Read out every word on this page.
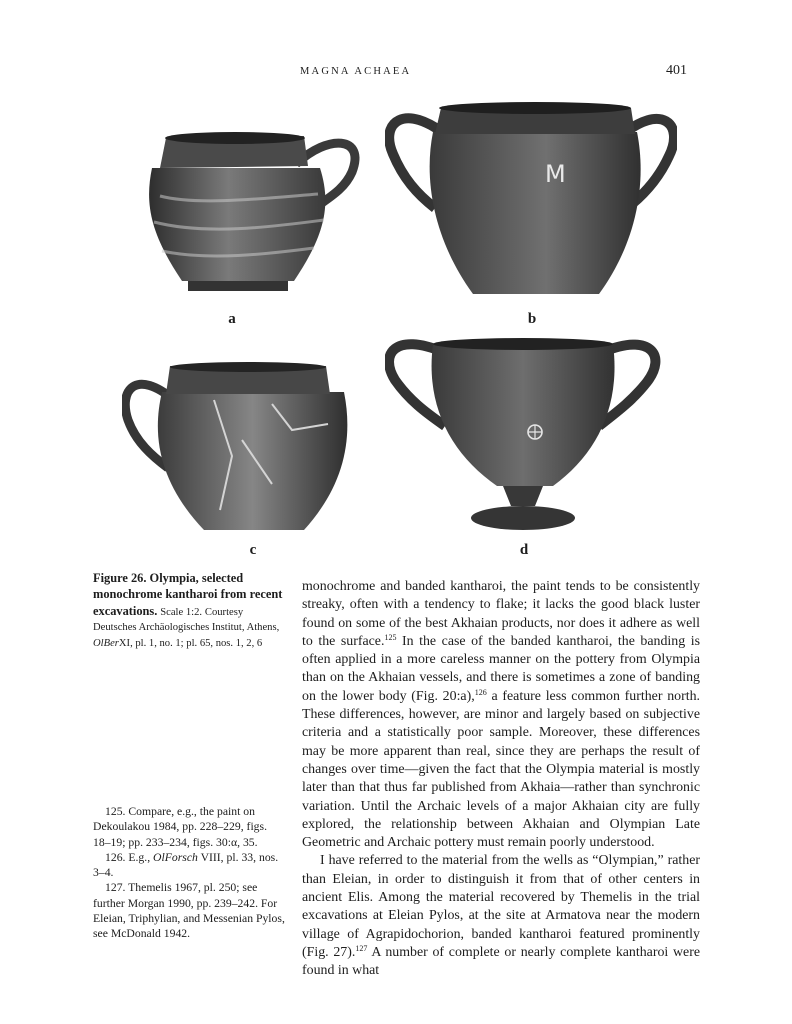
MAGNA ACHAEA	401
a
M
b
c	d
Figure 26. Olympia, selected monochrome kantharoi from recent excavations. Scale 1:2. Courtesy Deutsches Archäologisches Institut, Athens, OlBerXI, pl. 1, no. 1; pl. 65, nos. 1, 2, 6

125. Compare, e.g., the paint on Dekoulakou 1984, pp. 228–229, figs. 18–19; pp. 233–234, figs. 30:α, 35.

126. E.g., OlForsch VIII, pl. 33, nos. 3–4.

127. Themelis 1967, pl. 250; see further Morgan 1990, pp. 239–242. For Eleian, Triphylian, and Messenian Pylos, see McDonald 1942.

monochrome and banded kantharoi, the paint tends to be consistently streaky, often with a tendency to flake; it lacks the good black luster found on some of the best Akhaian products, nor does it adhere as well to the surface.$^{125}$ In the case of the banded kantharoi, the banding is often applied in a more careless manner on the pottery from Olympia than on the Akhaian vessels, and there is sometimes a zone of banding on the lower body (Fig. 20:a),$^{126}$ a feature less common further north. These differences, however, are minor and largely based on subjective criteria and a statistically poor sample. Moreover, these differences may be more apparent than real, since they are perhaps the result of changes over time—given the fact that the Olympia material is mostly later than that thus far published from Akhaia—rather than synchronic variation. Until the Archaic levels of a major Akhaian city are fully explored, the relationship between Akhaian and Olympian Late Geometric and Archaic pottery must remain poorly understood.

I have referred to the material from the wells as “Olympian,” rather than Eleian, in order to distinguish it from that of other centers in ancient Elis. Among the material recovered by Themelis in the trial excavations at Eleian Pylos, at the site at Armatova near the modern village of Agrapidochorion, banded kantharoi featured prominently (Fig. 27).$^{127}$ A number of complete or nearly complete kantharoi were found in what
